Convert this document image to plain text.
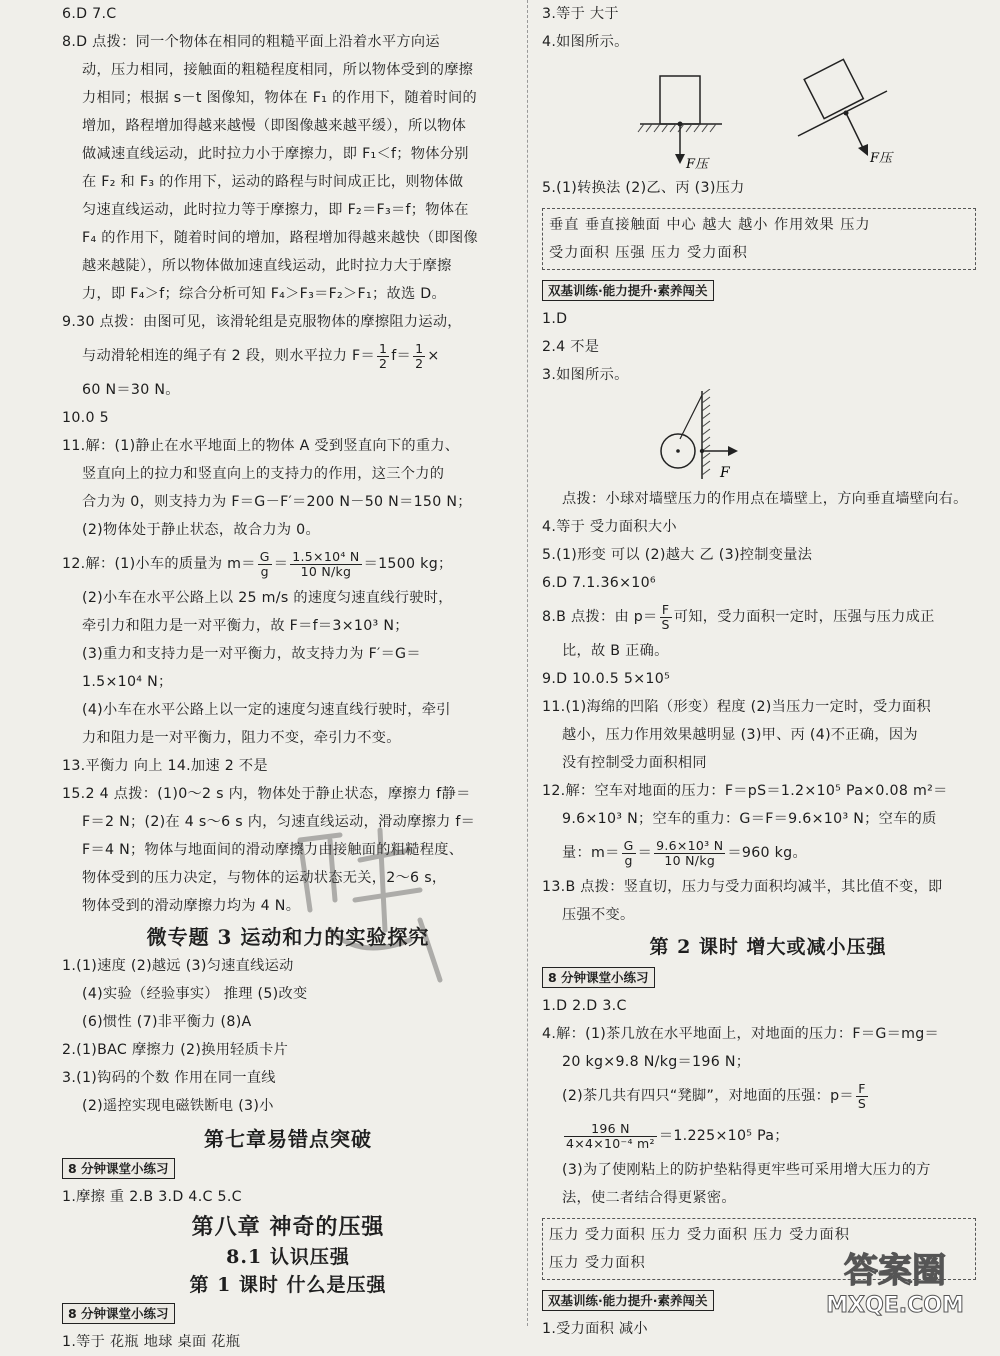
6.D 7.C
8.D 点拨：同一个物体在相同的粗糙平面上沿着水平方向运
动，压力相同，接触面的粗糙程度相同，所以物体受到的摩擦
力相同；根据 s－t 图像知，物体在 F₁ 的作用下，随着时间的
增加，路程增加得越来越慢（即图像越来越平缓），所以物体
做减速直线运动，此时拉力小于摩擦力，即 F₁＜f；物体分别
在 F₂ 和 F₃ 的作用下，运动的路程与时间成正比，则物体做
匀速直线运动，此时拉力等于摩擦力，即 F₂＝F₃＝f；物体在
F₄ 的作用下，随着时间的增加，路程增加得越来越快（即图像
越来越陡），所以物体做加速直线运动，此时拉力大于摩擦
力，即 F₄＞f；综合分析可知 F₄＞F₃＝F₂＞F₁；故选 D。
9.30 点拨：由图可见，该滑轮组是克服物体的摩擦阻力运动，
与动滑轮相连的绳子有 2 段，则水平拉力 $F= \frac{1}{2} f= \frac{1}{2}$ ×
60 N＝30 N。
10.0 5
11.解：(1)静止在水平地面上的物体 A 受到竖直向下的重力、
竖直向上的拉力和竖直向上的支持力的作用，这三个力的
合力为 0，则支持力为 F＝G－F′＝200 N－50 N＝150 N；
(2)物体处于静止状态，故合力为 0。
12.解：(1)小车的质量为 $m= \frac{G}{g} = \frac{\text{1.5×10⁴ N}}{10 N/kg} =1500$ kg；
(2)小车在水平公路上以 25 m/s 的速度匀速直线行驶时，
牵引力和阻力是一对平衡力，故 F＝f＝3×10³ N；
(3)重力和支持力是一对平衡力，故支持力为 F′＝G＝
1.5×10⁴ N；
(4)小车在水平公路上以一定的速度匀速直线行驶时，牵引
力和阻力是一对平衡力，阻力不变，牵引力不变。
13.平衡力 向上 14.加速 2 不是
15.2 4 点拨：(1)0～2 s 内，物体处于静止状态，摩擦力 f静＝
F＝2 N；(2)在 4 s～6 s 内，匀速直线运动，滑动摩擦力 f＝
F＝4 N；物体与地面间的滑动摩擦力由接触面的粗糙程度、
物体受到的压力决定，与物体的运动状态无关，2～6 s，
物体受到的滑动摩擦力均为 4 N。
微专题 3 运动和力的实验探究
1.(1)速度 (2)越远 (3)匀速直线运动
(4)实验（经验事实） 推理 (5)改变
(6)惯性 (7)非平衡力 (8)A
2.(1)BAC 摩擦力 (2)换用轻质卡片
3.(1)钩码的个数 作用在同一直线
(2)遥控实现电磁铁断电 (3)小
第七章易错点突破
8 分钟课堂小练习
1.摩擦 重 2.B 3.D 4.C 5.C
第八章 神奇的压强
8.1 认识压强
第 1 课时 什么是压强
8 分钟课堂小练习
1.等于 花瓶 地球 桌面 花瓶
3.等于 大于
4.如图所示。
F压	F压
5.(1)转换法 (2)乙、丙 (3)压力
垂直 垂直接触面 中心 越大 越小 作用效果 压力
受力面积 压强 压力 受力面积
双基训练·能力提升·素养闯关
1.D
2.4 不是
3.如图所示。
F
点拨：小球对墙壁压力的作用点在墙壁上，方向垂直墙壁向右。
4.等于 受力面积大小
5.(1)形变 可以 (2)越大 乙 (3)控制变量法
6.D 7.1.36×10⁶
8.B 点拨：由 $p= \frac{F}{S}$ 可知，受力面积一定时，压强与压力成正
比，故 B 正确。
9.D 10.0.5 5×10⁵
11.(1)海绵的凹陷（形变）程度 (2)当压力一定时，受力面积
越小，压力作用效果越明显 (3)甲、丙 (4)不正确，因为
没有控制受力面积相同
12.解：空车对地面的压力：F＝pS＝1.2×10⁵ Pa×0.08 m²＝
9.6×10³ N；空车的重力：G＝F＝9.6×10³ N；空车的质
量：$m= \frac{G}{g} = \frac{\text{9.6×10³ N}}{10 N/kg} =960$ kg。
13.B 点拨：竖直切，压力与受力面积均减半，其比值不变，即
压强不变。
第 2 课时 增大或减小压强
8 分钟课堂小练习
1.D 2.D 3.C
4.解：(1)茶几放在水平地面上，对地面的压力：F＝G＝mg＝
20 kg×9.8 N/kg＝196 N；
(2)茶几共有四只“凳脚”，对地面的压强：$p= \frac{F}{S}$
$\frac{196 N}{\text{4×4×10⁻⁴ m²}} =1.225\times 10^5$ Pa；
(3)为了使刚粘上的防护垫粘得更牢些可采用增大压力的方
法，使二者结合得更紧密。
压力 受力面积 压力 受力面积 压力 受力面积
压力 受力面积
双基训练·能力提升·素养闯关
1.受力面积 减小
答案圈
MXQE.COM
